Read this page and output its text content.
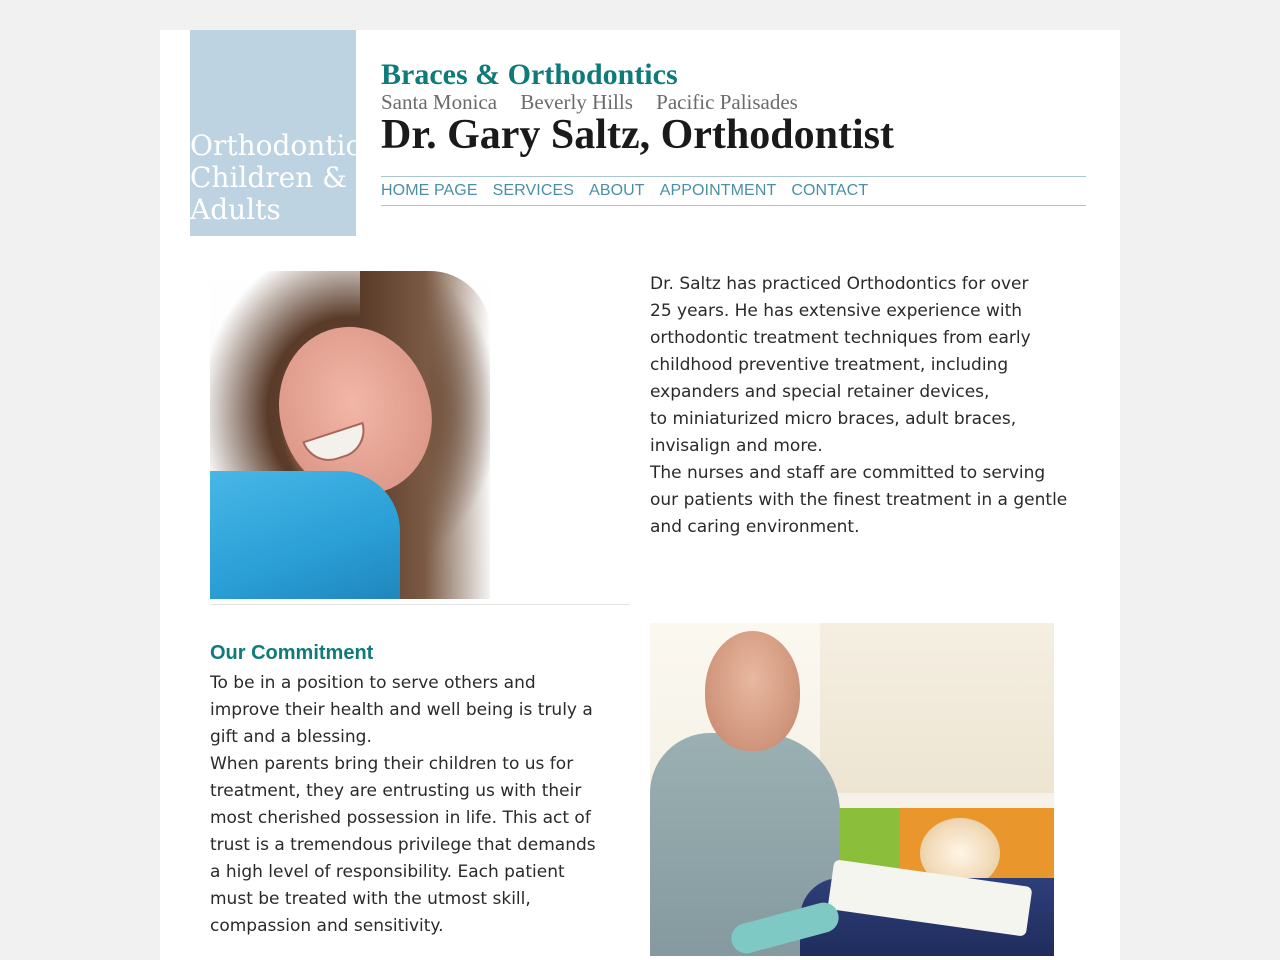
Orthodontics
Children &
Adults
Braces & Orthodontics
Santa Monica Beverly Hills Pacific Palisades
Dr. Gary Saltz, Orthodontist
HOME PAGE SERVICES ABOUT APPOINTMENT CONTACT

Dr. Saltz has practiced Orthodontics for over
25 years. He has extensive experience with
orthodontic treatment techniques from early
childhood preventive treatment, including
expanders and special retainer devices,
to miniaturized micro braces, adult braces,
invisalign and more.
The nurses and staff are committed to serving
our patients with the finest treatment in a gentle
and caring environment.

Our Commitment

To be in a position to serve others and
improve their health and well being is truly a
gift and a blessing.
When parents bring their children to us for
treatment, they are entrusting us with their
most cherished possession in life. This act of
trust is a tremendous privilege that demands
a high level of responsibility. Each patient
must be treated with the utmost skill,
compassion and sensitivity.
